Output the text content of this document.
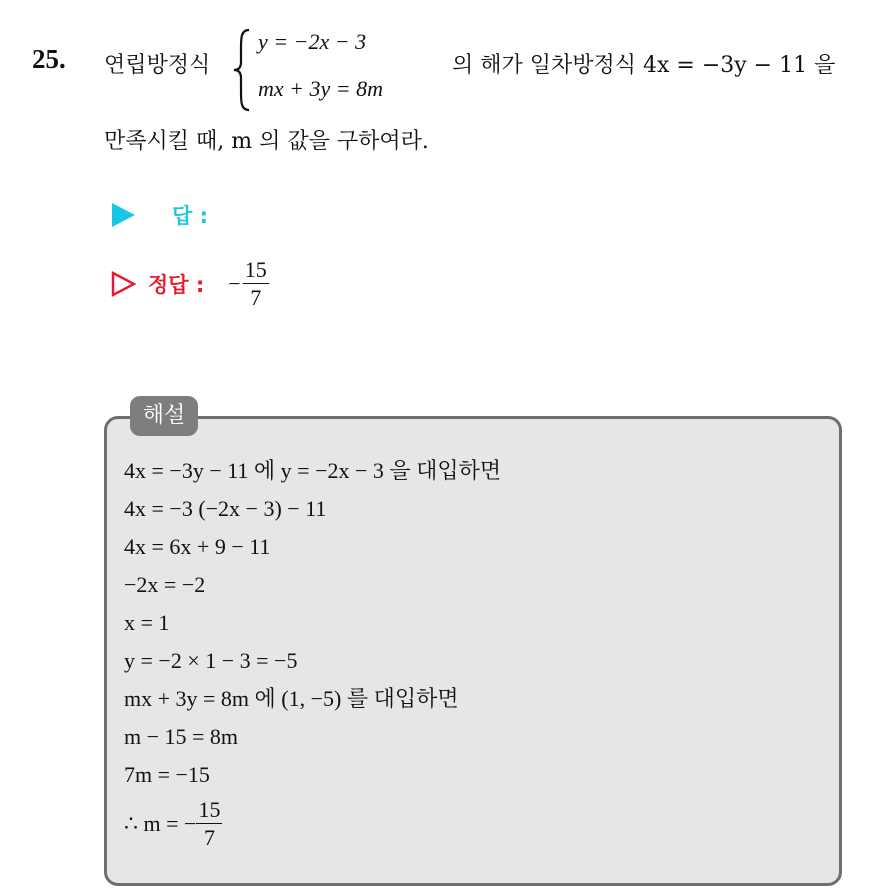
25. 연립방정식
y = −2x − 3
mx + 3y = 8m
의 해가 일차방정식 4x = −3y − 11 을
만족시킬 때, m 의 값을 구하여라.
답 :
정답 : − $\frac{15}{7}$
해설
4x = −3y − 11 에 y = −2x − 3 을 대입하면
4x = −3 (−2x − 3) − 11
4x = 6x + 9 − 11
−2x = −2
x = 1
y = −2 × 1 − 3 = −5
mx + 3y = 8m 에 (1, −5) 를 대입하면
m − 15 = 8m
7m = −15
∴ m = − $\frac{15}{7}$
